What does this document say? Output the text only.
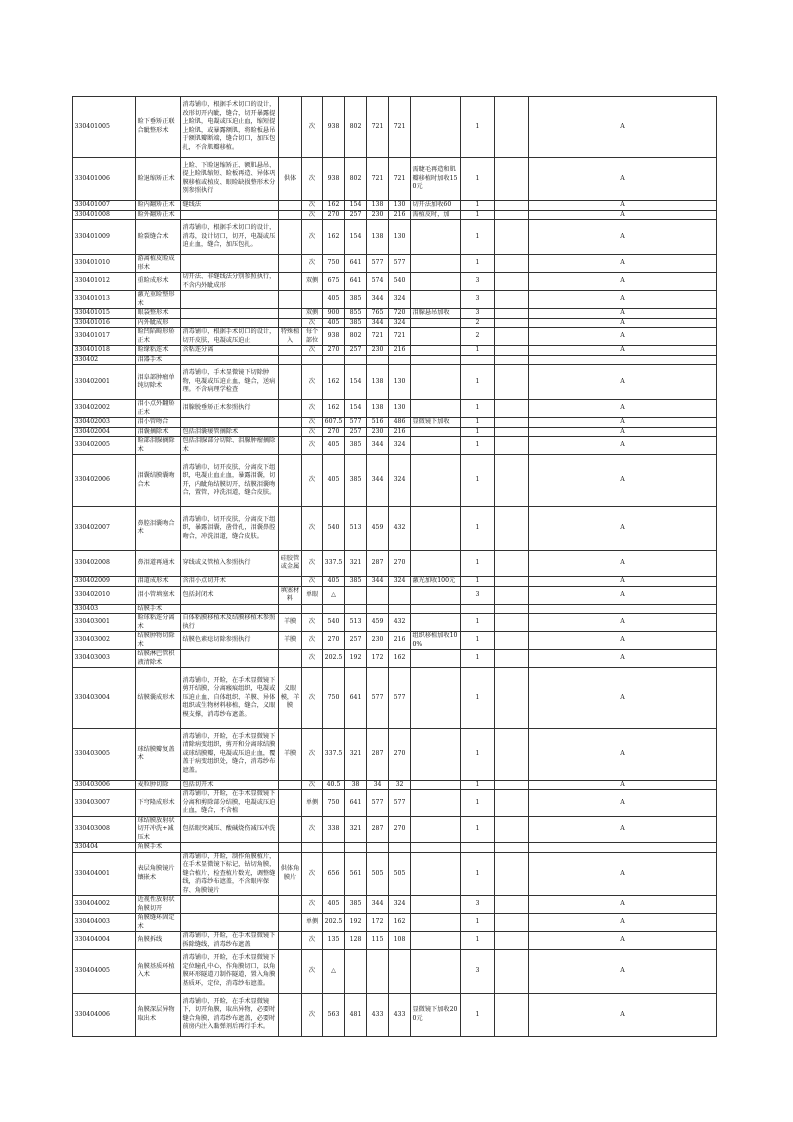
330401005	睑下垂矫正联合眦整形术	消毒铺巾，根据手术切口的设计，改形切开内眦，缝合，切开暴露提上睑肌，电凝或压迫止血，缩短提上睑肌，或暴露额肌，将睑板悬吊于额肌瓣断端，缝合切口，加压包扎，不含肌瓣移植。		次	938	802	721	721		1		A
330401006	睑退缩矫正术	上睑、下睑退缩矫正、额肌悬吊、提上睑肌缩短、睑板再造、异体巩膜移植或植皮、眼睑缺损整形术分别参照执行	供体	次	938	802	721	721	需睫毛再造和肌瓣移植时加收150元	1		A
330401007	睑内翻矫正术	缝线法		次	162	154	138	130	切开法加收60	1		A
330401008	睑外翻矫正术			次	270	257	230	216	需植皮时，加	1		A
330401009	睑裂缝合术	消毒铺巾，根据手术切口的设计，消毒，设计切口，切开，电凝或压迫止血，缝合，加压包扎。		次	162	154	138	130		1		A
330401010	游离植皮睑成形术			次	750	641	577	577		1		A
330401012	重睑成形术	切开法、非缝线法分别参照执行，不含内外眦成形		双侧	675	641	574	540		3		A
330401013	激光重睑整形术				405	385	344	324		3		A
330401015	眼袋整形术			双侧	900	855	765	720	泪腺悬吊加收	3		A
330401016	内外眦成形			次	405	385	344	324		2		A
330401017	睑凹陷畸形矫正术	消毒铺巾，根据手术切口的设计，切开皮肤，电凝或压迫止	特殊植入	每个部位	938	802	721	721		2		A
330401018	睑缘粘连术	含粘连分离		次	270	257	230	216		1		A
330402	泪器手术											
330402001	泪阜部肿瘤单纯切除术	消毒铺巾，手术显微镜下切除肿物，电凝或压迫止血，缝合，送病理。不含病理学检查		次	162	154	138	130		1		A
330402002	泪小点外翻矫正术	泪腺脱垂矫正术参照执行		次	162	154	138	130		1		A
330402003	泪小管吻合			次	607.5	577	516	486	显微镜下加收	1		A
330402004	泪囊摘除术	包括泪囊瘘管摘除术		次	270	257	230	216		1		A
330402005	睑部泪腺摘除术	包括泪腺部分切除、泪腺肿瘤摘除术		次	405	385	344	324		1		A
330402006	泪囊结膜囊吻合术	消毒铺巾，切开皮肤，分离皮下组织，电凝止血止血，暴露泪囊，切开，内眦角结膜切开，结膜泪囊吻合，置管，冲洗泪道，缝合皮肤。		次	405	385	344	324		1		A
330402007	鼻腔泪囊吻合术	消毒铺巾，切开皮肤，分离皮下组织，暴露泪囊，凿骨孔，泪囊鼻腔吻合，冲洗泪道，缝合皮肤。		次	540	513	459	432		1		A
330402008	鼻泪道再通术	穿线或义管植入参照执行	硅胶管或金属	次	337.5	321	287	270		1		A
330402009	泪道成形术	含泪小点切开术		次	405	385	344	324	激光加收100元	1		A
330402010	泪小管填塞术	包括封闭术	填塞材料	单眼	△					3		A
330403	结膜手术											
330403001	睑球粘连分离术	自体粘膜移植术及结膜移植术参照执行	羊膜	次	540	513	459	432		1		A
330403002	结膜肿物切除术	结膜色素痣切除参照执行	羊膜	次	270	257	230	216	组织移植加收100%	1		A
330403003	结膜淋巴管积液清除术			次	202.5	192	172	162		1		A
330403004	结膜囊成形术	消毒铺巾，开睑，在手术显微镜下剪开结膜，分离瘢痕组织，电凝或压迫止血，自体组织、羊膜、异体组织或生物材料移植，缝合，义眼模支撑，消毒纱布遮盖。	义眼模，羊膜	次	750	641	577	577		1		A
330403005	球结膜瓣复盖术	消毒铺巾，开睑，在手术显微镜下清除病变组织，剪开和分离球结膜或球结膜瓣，电凝或压迫止血，覆盖于病变组织处，缝合，消毒纱布遮盖。	羊膜	次	337.5	321	287	270		1		A
330403006	麦粒肿切除	包括切开术		次	40.5	38	34	32		1		A
330403007	下穹隆成形术	消毒铺巾，开睑，在手术显微镜下分离和剪除部分结膜，电凝或压迫止血，缝合，不含植		单侧	750	641	577	577		1		A
330403008	球结膜放射状切开冲洗+减压术	包括眼突减压、酸碱烧伤减压冲洗		次	338	321	287	270		1		A
330404	角膜手术											
330404001	表层角膜镜片镶嵌术	消毒铺巾，开睑，制作角膜植片，在手术显微镜下标记，钻切角膜，缝合植片，检查植片数光，调整缝线，消毒纱布遮盖，不含眼库保存、角膜镜片	供体角膜片	次	656	561	505	505		1		A
330404002	近视性放射状角膜切开			次	405	385	344	324		3		A
330404003	角膜缝环固定术			单侧	202.5	192	172	162		1		A
330404004	角膜拆线	消毒铺巾，开睑，在手术显微镜下拆除缝线，消毒纱布遮盖		次	135	128	115	108		1		A
330404005	角膜基质环植入术	消毒铺巾，开睑，在手术显微镜下定位瞳孔中心，作角膜切口，以角膜环形隧道刀制作隧道，置入角膜基质环，定位，消毒纱布遮盖。		次	△					3		A
330404006	角膜深层异物取出术	消毒铺巾，开睑，在手术显微镜下，切开角膜，取出异物，必要时缝合角膜，消毒纱布遮盖，必要时前房内注入黏弹剂后再行手术。		次	563	481	433	433	显微镜下加收200元	1		A
